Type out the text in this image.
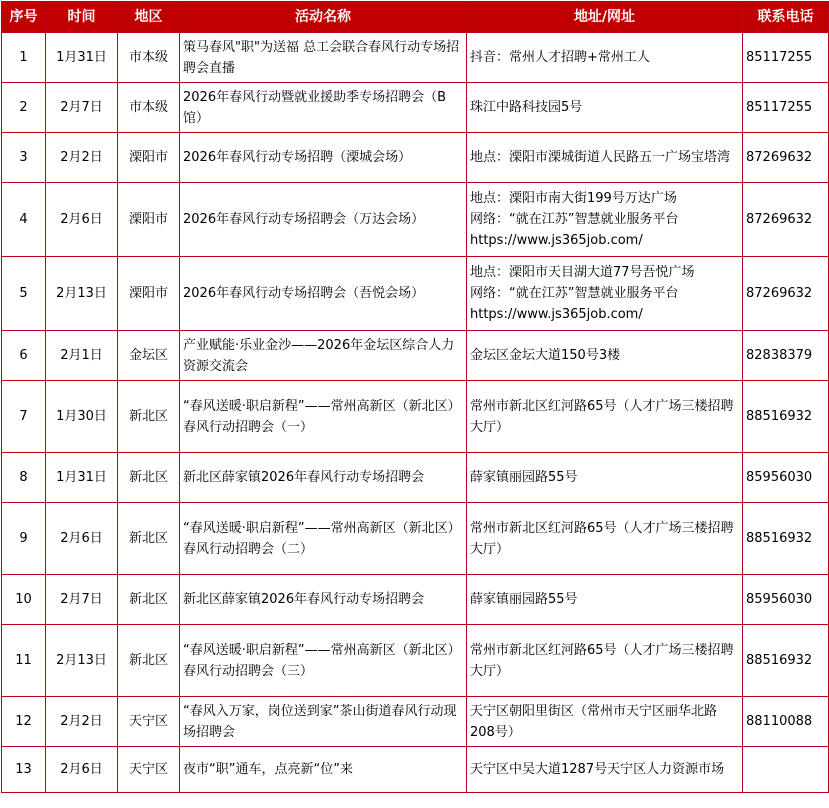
序号	时间	地区	活动名称	地址/网址	联系电话
1	1月31日	市本级	策马春风"职"为送福 总工会联合春风行动专场招聘会直播	抖音：常州人才招聘+常州工人	85117255
2	2月7日	市本级	2026年春风行动暨就业援助季专场招聘会（B馆）	珠江中路科技园5号	85117255
3	2月2日	溧阳市	2026年春风行动专场招聘（溧城会场）	地点：溧阳市溧城街道人民路五一广场宝塔湾	87269632
4	2月6日	溧阳市	2026年春风行动专场招聘会（万达会场）	地点：溧阳市南大街199号万达广场
网络：“就在江苏”智慧就业服务平台
https://www.js365job.com/	87269632
5	2月13日	溧阳市	2026年春风行动专场招聘会（吾悦会场）	地点：溧阳市天目湖大道77号吾悦广场
网络：“就在江苏”智慧就业服务平台
https://www.js365job.com/	87269632
6	2月1日	金坛区	产业赋能·乐业金沙——2026年金坛区综合人力资源交流会	金坛区金坛大道150号3楼	82838379
7	1月30日	新北区	“春风送暖·职启新程”——常州高新区（新北区）春风行动招聘会（一）	常州市新北区红河路65号（人才广场三楼招聘大厅）	88516932
8	1月31日	新北区	新北区薛家镇2026年春风行动专场招聘会	薛家镇丽园路55号	85956030
9	2月6日	新北区	“春风送暖·职启新程”——常州高新区（新北区）春风行动招聘会（二）	常州市新北区红河路65号（人才广场三楼招聘大厅）	88516932
10	2月7日	新北区	新北区薛家镇2026年春风行动专场招聘会	薛家镇丽园路55号	85956030
11	2月13日	新北区	“春风送暖·职启新程”——常州高新区（新北区）春风行动招聘会（三）	常州市新北区红河路65号（人才广场三楼招聘大厅）	88516932
12	2月2日	天宁区	“春风入万家，岗位送到家”茶山街道春风行动现场招聘会	天宁区朝阳里街区（常州市天宁区丽华北路208号）	88110088
13	2月6日	天宁区	夜市“职”通车，点亮新“位”来	天宁区中吴大道1287号天宁区人力资源市场	
